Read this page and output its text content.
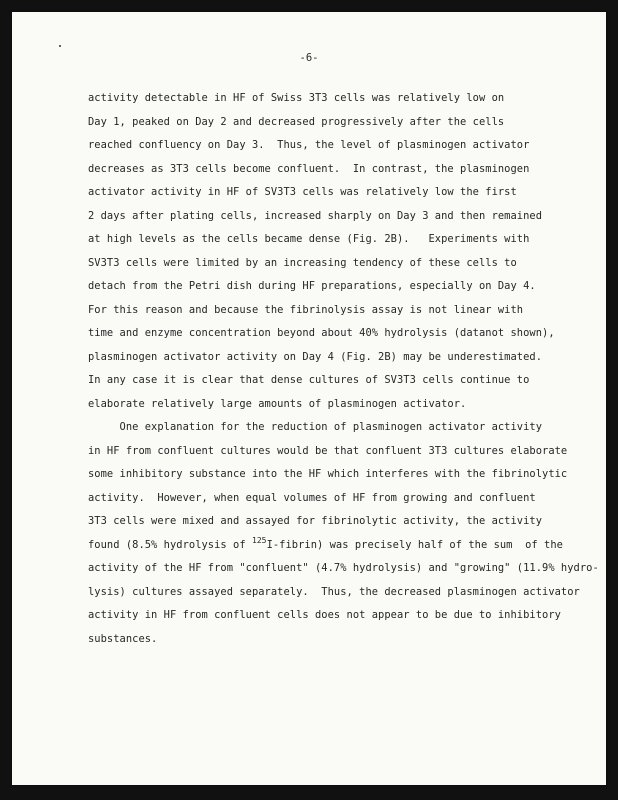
-6-
activity detectable in HF of Swiss 3T3 cells was relatively low on
Day 1, peaked on Day 2 and decreased progressively after the cells
reached confluency on Day 3.  Thus, the level of plasminogen activator
decreases as 3T3 cells become confluent.  In contrast, the plasminogen
activator activity in HF of SV3T3 cells was relatively low the first
2 days after plating cells, increased sharply on Day 3 and then remained
at high levels as the cells became dense (Fig. 2B).   Experiments with
SV3T3 cells were limited by an increasing tendency of these cells to
detach from the Petri dish during HF preparations, especially on Day 4.
For this reason and because the fibrinolysis assay is not linear with
time and enzyme concentration beyond about 40% hydrolysis (datanot shown),
plasminogen activator activity on Day 4 (Fig. 2B) may be underestimated.
In any case it is clear that dense cultures of SV3T3 cells continue to
elaborate relatively large amounts of plasminogen activator.
One explanation for the reduction of plasminogen activator activity
in HF from confluent cultures would be that confluent 3T3 cultures elaborate
some inhibitory substance into the HF which interferes with the fibrinolytic
activity.  However, when equal volumes of HF from growing and confluent
3T3 cells were mixed and assayed for fibrinolytic activity, the activity
found (8.5% hydrolysis of $^{125}$I-fibrin) was precisely half of the sum  of the
activity of the HF from "confluent" (4.7% hydrolysis) and "growing" (11.9% hydro-
lysis) cultures assayed separately.  Thus, the decreased plasminogen activator
activity in HF from confluent cells does not appear to be due to inhibitory
substances.
